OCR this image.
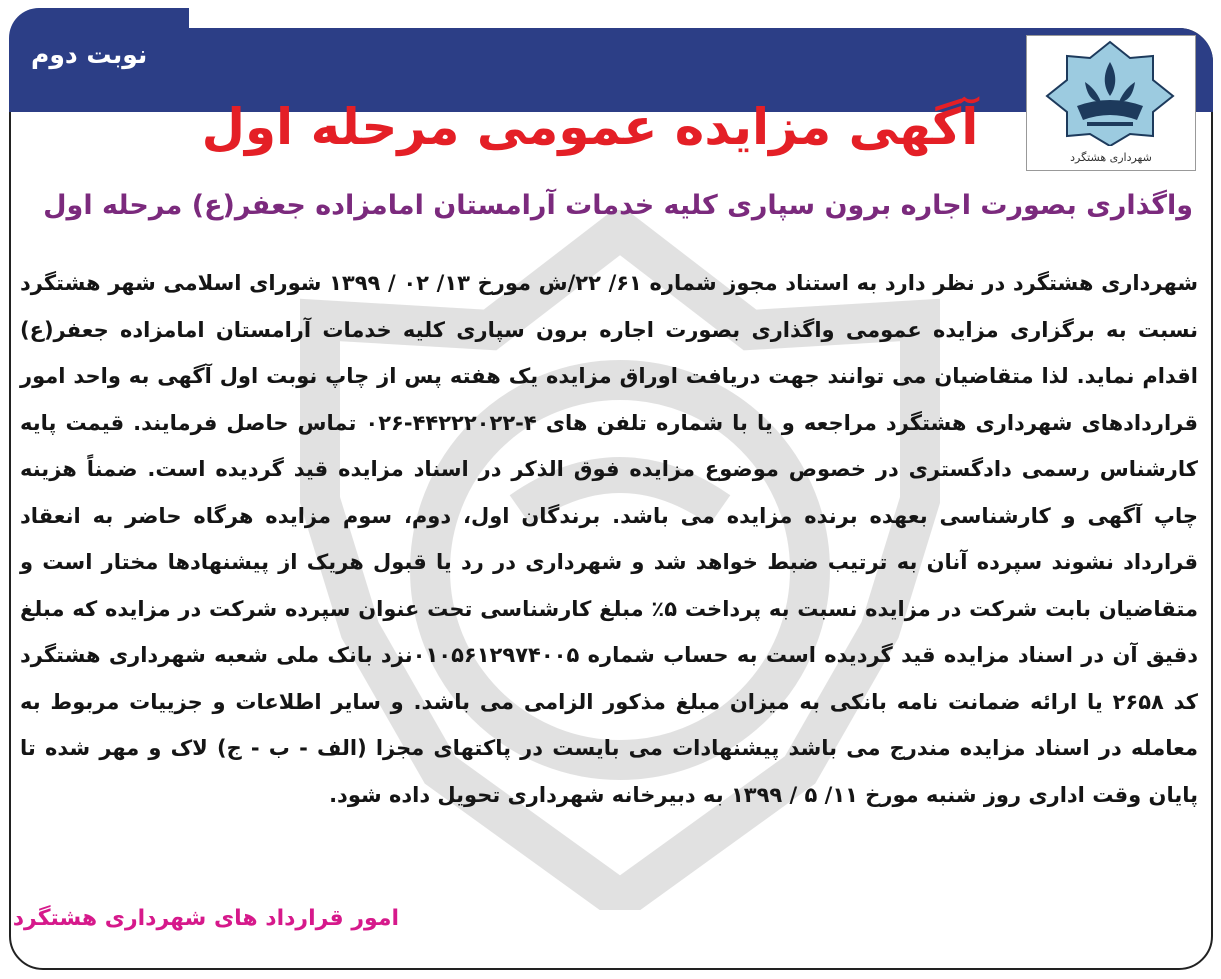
نوبت دوم
شهرداری هشتگرد
آگهی مزایده عمومی مرحله اول
واگذاری بصورت اجاره برون سپاری کلیه خدمات آرامستان امامزاده جعفر(ع) مرحله اول
شهرداری هشتگرد در نظر دارد به استناد مجوز شماره ۶۱/ ۲۲/ش مورخ ۱۳/ ۰۲ / ۱۳۹۹ شورای اسلامی شهر هشتگرد نسبت به برگزاری مزایده عمومی واگذاری بصورت اجاره برون سپاری کلیه خدمات آرامستان امامزاده جعفر(ع) اقدام نماید. لذا متقاضیان می توانند جهت دریافت اوراق مزایده یک هفته پس از چاپ نوبت اول آگهی به واحد امور قراردادهای شهرداری هشتگرد مراجعه و یا با شماره تلفن های ۴-۴۴۲۲۲۰۲۲-۰۲۶ تماس حاصل فرمایند. قیمت پایه کارشناس رسمی دادگستری در خصوص موضوع مزایده فوق الذکر در اسناد مزایده قید گردیده است. ضمناً هزینه چاپ آگهی و کارشناسی بعهده برنده مزایده می باشد. برندگان اول، دوم، سوم مزایده هرگاه حاضر به انعقاد قرارداد نشوند سپرده آنان به ترتیب ضبط خواهد شد و شهرداری در رد یا قبول هریک از پیشنهادها مختار است و متقاضیان بابت شرکت در مزایده نسبت به پرداخت ۵٪ مبلغ کارشناسی تحت عنوان سپرده شرکت در مزایده که مبلغ دقیق آن در اسناد مزایده قید گردیده است به حساب شماره ۰۱۰۵۶۱۲۹۷۴۰۰۵نزد بانک ملی شعبه شهرداری هشتگرد کد ۲۶۵۸ یا ارائه ضمانت نامه بانکی به میزان مبلغ مذکور الزامی می باشد. و سایر اطلاعات و جزییات مربوط به معامله در اسناد مزایده مندرج می باشد پیشنهادات می بایست در پاکتهای مجزا (الف - ب - ج) لاک و مهر شده تا پایان وقت اداری روز شنبه مورخ ۱۱/ ۵ / ۱۳۹۹ به دبیرخانه شهرداری تحویل داده شود.
امور قرارداد های شهرداری هشتگرد
